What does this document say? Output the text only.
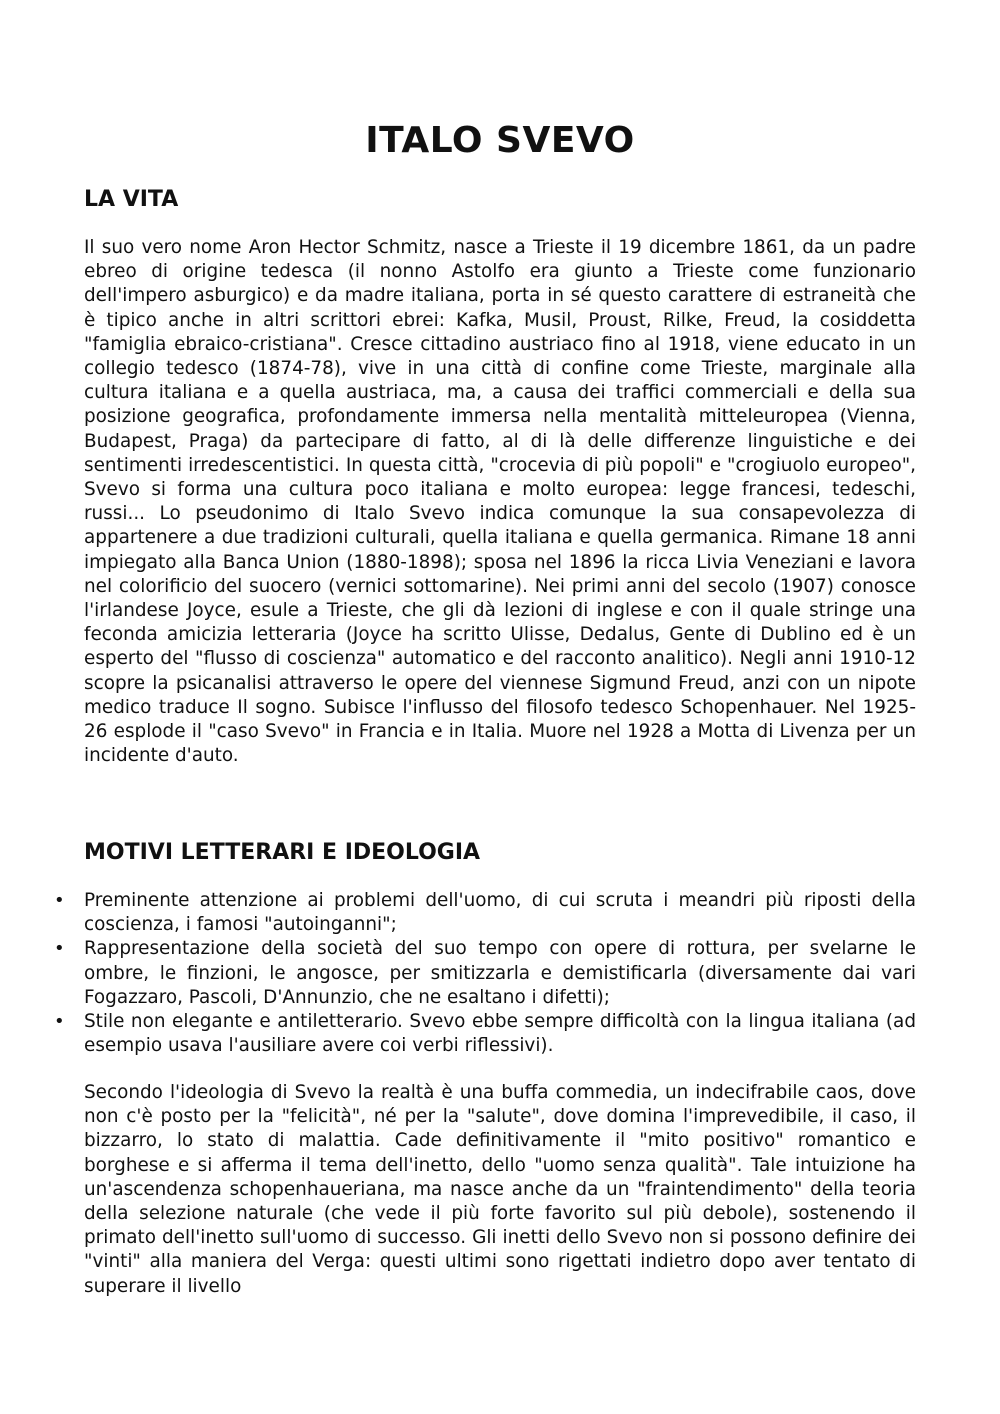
ITALO SVEVO
LA VITA

Il suo vero nome Aron Hector Schmitz, nasce a Trieste il 19 dicembre 1861, da un padre ebreo di origine tedesca (il nonno Astolfo era giunto a Trieste come funzionario dell'impero asburgico) e da madre italiana, porta in sé questo carattere di estraneità che è tipico anche in altri scrittori ebrei: Kafka, Musil, Proust, Rilke, Freud, la cosiddetta "famiglia ebraico-cristiana". Cresce cittadino austriaco fino al 1918, viene educato in un collegio tedesco (1874-78), vive in una città di confine come Trieste, marginale alla cultura italiana e a quella austriaca, ma, a causa dei traffici commerciali e della sua posizione geografica, profondamente immersa nella mentalità mitteleuropea (Vienna, Budapest, Praga) da partecipare di fatto, al di là delle differenze linguistiche e dei sentimenti irredescentistici. In questa città, "crocevia di più popoli" e "crogiuolo europeo", Svevo si forma una cultura poco italiana e molto europea: legge francesi, tedeschi, russi... Lo pseudonimo di Italo Svevo indica comunque la sua consapevolezza di appartenere a due tradizioni culturali, quella italiana e quella germanica. Rimane 18 anni impiegato alla Banca Union (1880-1898); sposa nel 1896 la ricca Livia Veneziani e lavora nel colorificio del suocero (vernici sottomarine). Nei primi anni del secolo (1907) conosce l'irlandese Joyce, esule a Trieste, che gli dà lezioni di inglese e con il quale stringe una feconda amicizia letteraria (Joyce ha scritto Ulisse, Dedalus, Gente di Dublino ed è un esperto del "flusso di coscienza" automatico e del racconto analitico). Negli anni 1910-12 scopre la psicanalisi attraverso le opere del viennese Sigmund Freud, anzi con un nipote medico traduce Il sogno. Subisce l'influsso del filosofo tedesco Schopenhauer. Nel 1925-26 esplode il "caso Svevo" in Francia e in Italia. Muore nel 1928 a Motta di Livenza per un incidente d'auto.

MOTIVI LETTERARI E IDEOLOGIA
• Preminente attenzione ai problemi dell'uomo, di cui scruta i meandri più riposti della coscienza, i famosi "autoinganni";
• Rappresentazione della società del suo tempo con opere di rottura, per svelarne le ombre, le finzioni, le angosce, per smitizzarla e demistificarla (diversamente dai vari Fogazzaro, Pascoli, D'Annunzio, che ne esaltano i difetti);
• Stile non elegante e antiletterario. Svevo ebbe sempre difficoltà con la lingua italiana (ad esempio usava l'ausiliare avere coi verbi riflessivi).

Secondo l'ideologia di Svevo la realtà è una buffa commedia, un indecifrabile caos, dove non c'è posto per la "felicità", né per la "salute", dove domina l'imprevedibile, il caso, il bizzarro, lo stato di malattia. Cade definitivamente il "mito positivo" romantico e borghese e si afferma il tema dell'inetto, dello "uomo senza qualità". Tale intuizione ha un'ascendenza schopenhaueriana, ma nasce anche da un "fraintendimento" della teoria della selezione naturale (che vede il più forte favorito sul più debole), sostenendo il primato dell'inetto sull'uomo di successo. Gli inetti dello Svevo non si possono definire dei "vinti" alla maniera del Verga: questi ultimi sono rigettati indietro dopo aver tentato di superare il livello
